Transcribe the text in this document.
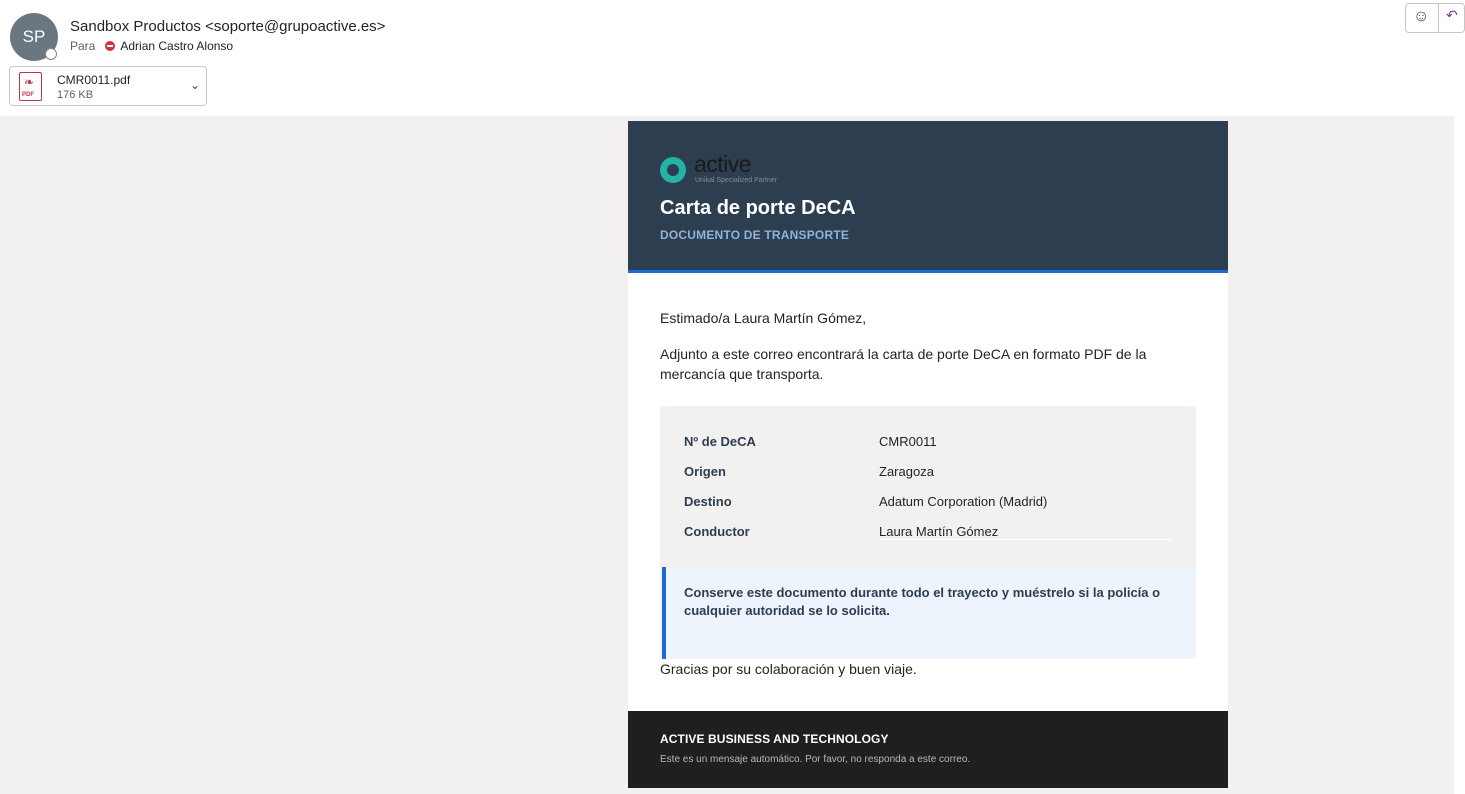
SP
Sandbox Productos <soporte@grupoactive.es>
Para Adrian Castro Alonso
❧
PDF
CMR0011.pdf
176 KB
⌄
☺ ↶
active
Unikal Specialized Partner
Carta de porte DeCA
DOCUMENTO DE TRANSPORTE
Estimado/a Laura Martín Gómez,
Adjunto a este correo encontrará la carta de porte DeCA en formato PDF de la mercancía que transporta.
Nº de DeCA	CMR0011
Origen	Zaragoza
Destino	Adatum Corporation (Madrid)
Conductor	Laura Martín Gómez
Conserve este documento durante todo el trayecto y muéstrelo si la policía o cualquier autoridad se lo solicita.
Gracias por su colaboración y buen viaje.
ACTIVE BUSINESS AND TECHNOLOGY
Este es un mensaje automático. Por favor, no responda a este correo.
